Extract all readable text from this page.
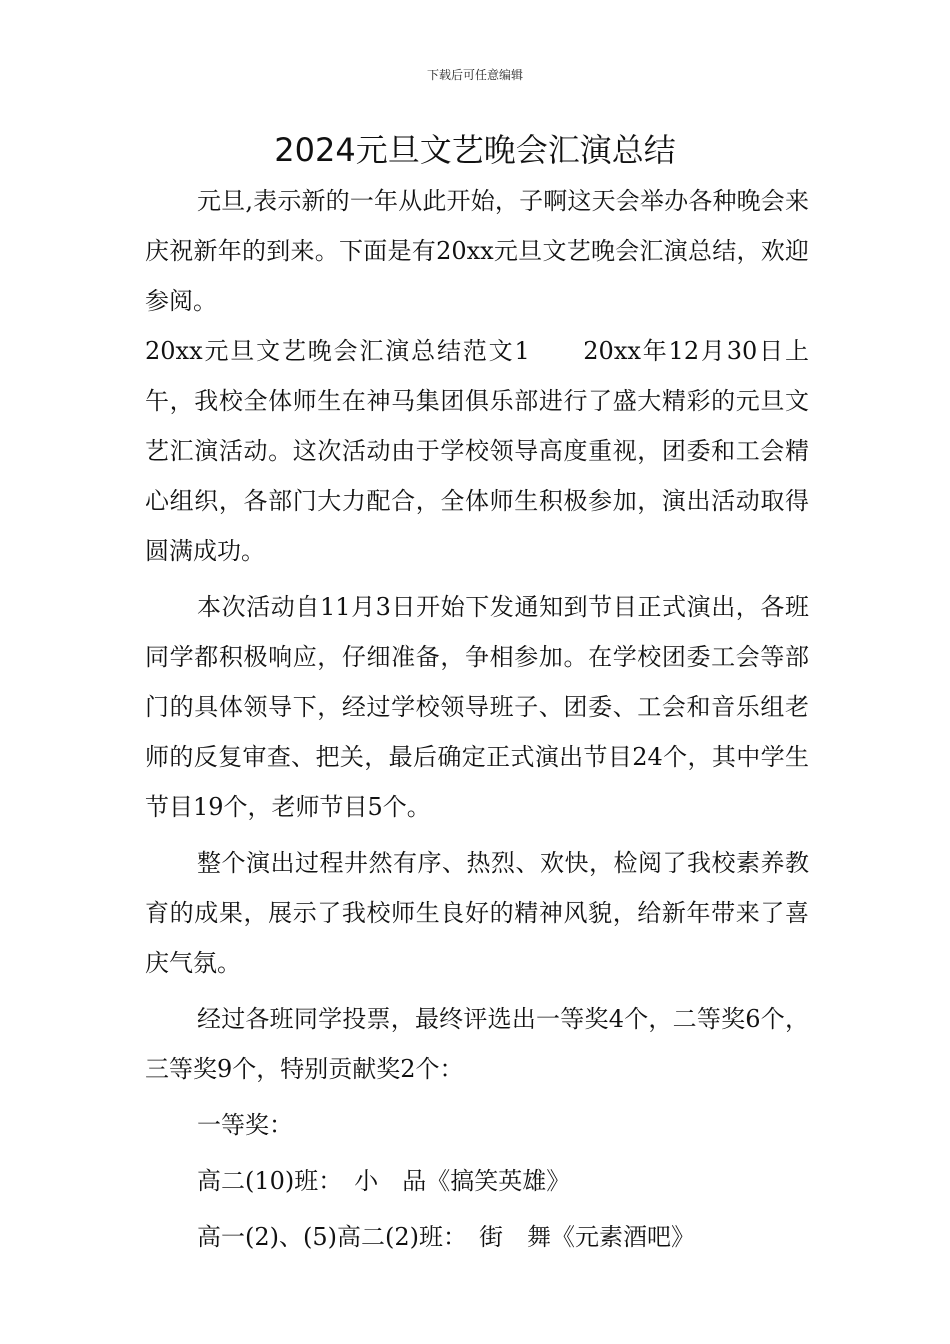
下载后可任意编辑
2024元旦文艺晚会汇演总结

元旦,表示新的一年从此开始，子啊这天会举办各种晚会来庆祝新年的到来。下面是有20xx元旦文艺晚会汇演总结，欢迎参阅。

20xx元旦文艺晚会汇演总结范文1　　20xx年12月30日上午，我校全体师生在神马集团俱乐部进行了盛大精彩的元旦文艺汇演活动。这次活动由于学校领导高度重视，团委和工会精心组织，各部门大力配合，全体师生积极参加，演出活动取得圆满成功。

本次活动自11月3日开始下发通知到节目正式演出，各班同学都积极响应，仔细准备，争相参加。在学校团委工会等部门的具体领导下，经过学校领导班子、团委、工会和音乐组老师的反复审查、把关，最后确定正式演出节目24个，其中学生节目19个，老师节目5个。

整个演出过程井然有序、热烈、欢快，检阅了我校素养教育的成果，展示了我校师生良好的精神风貌，给新年带来了喜庆气氛。

经过各班同学投票，最终评选出一等奖4个，二等奖6个，三等奖9个，特别贡献奖2个：

一等奖：

高二(10)班：　小　品《搞笑英雄》

高一(2)、(5)高二(2)班：　街　舞《元素酒吧》
